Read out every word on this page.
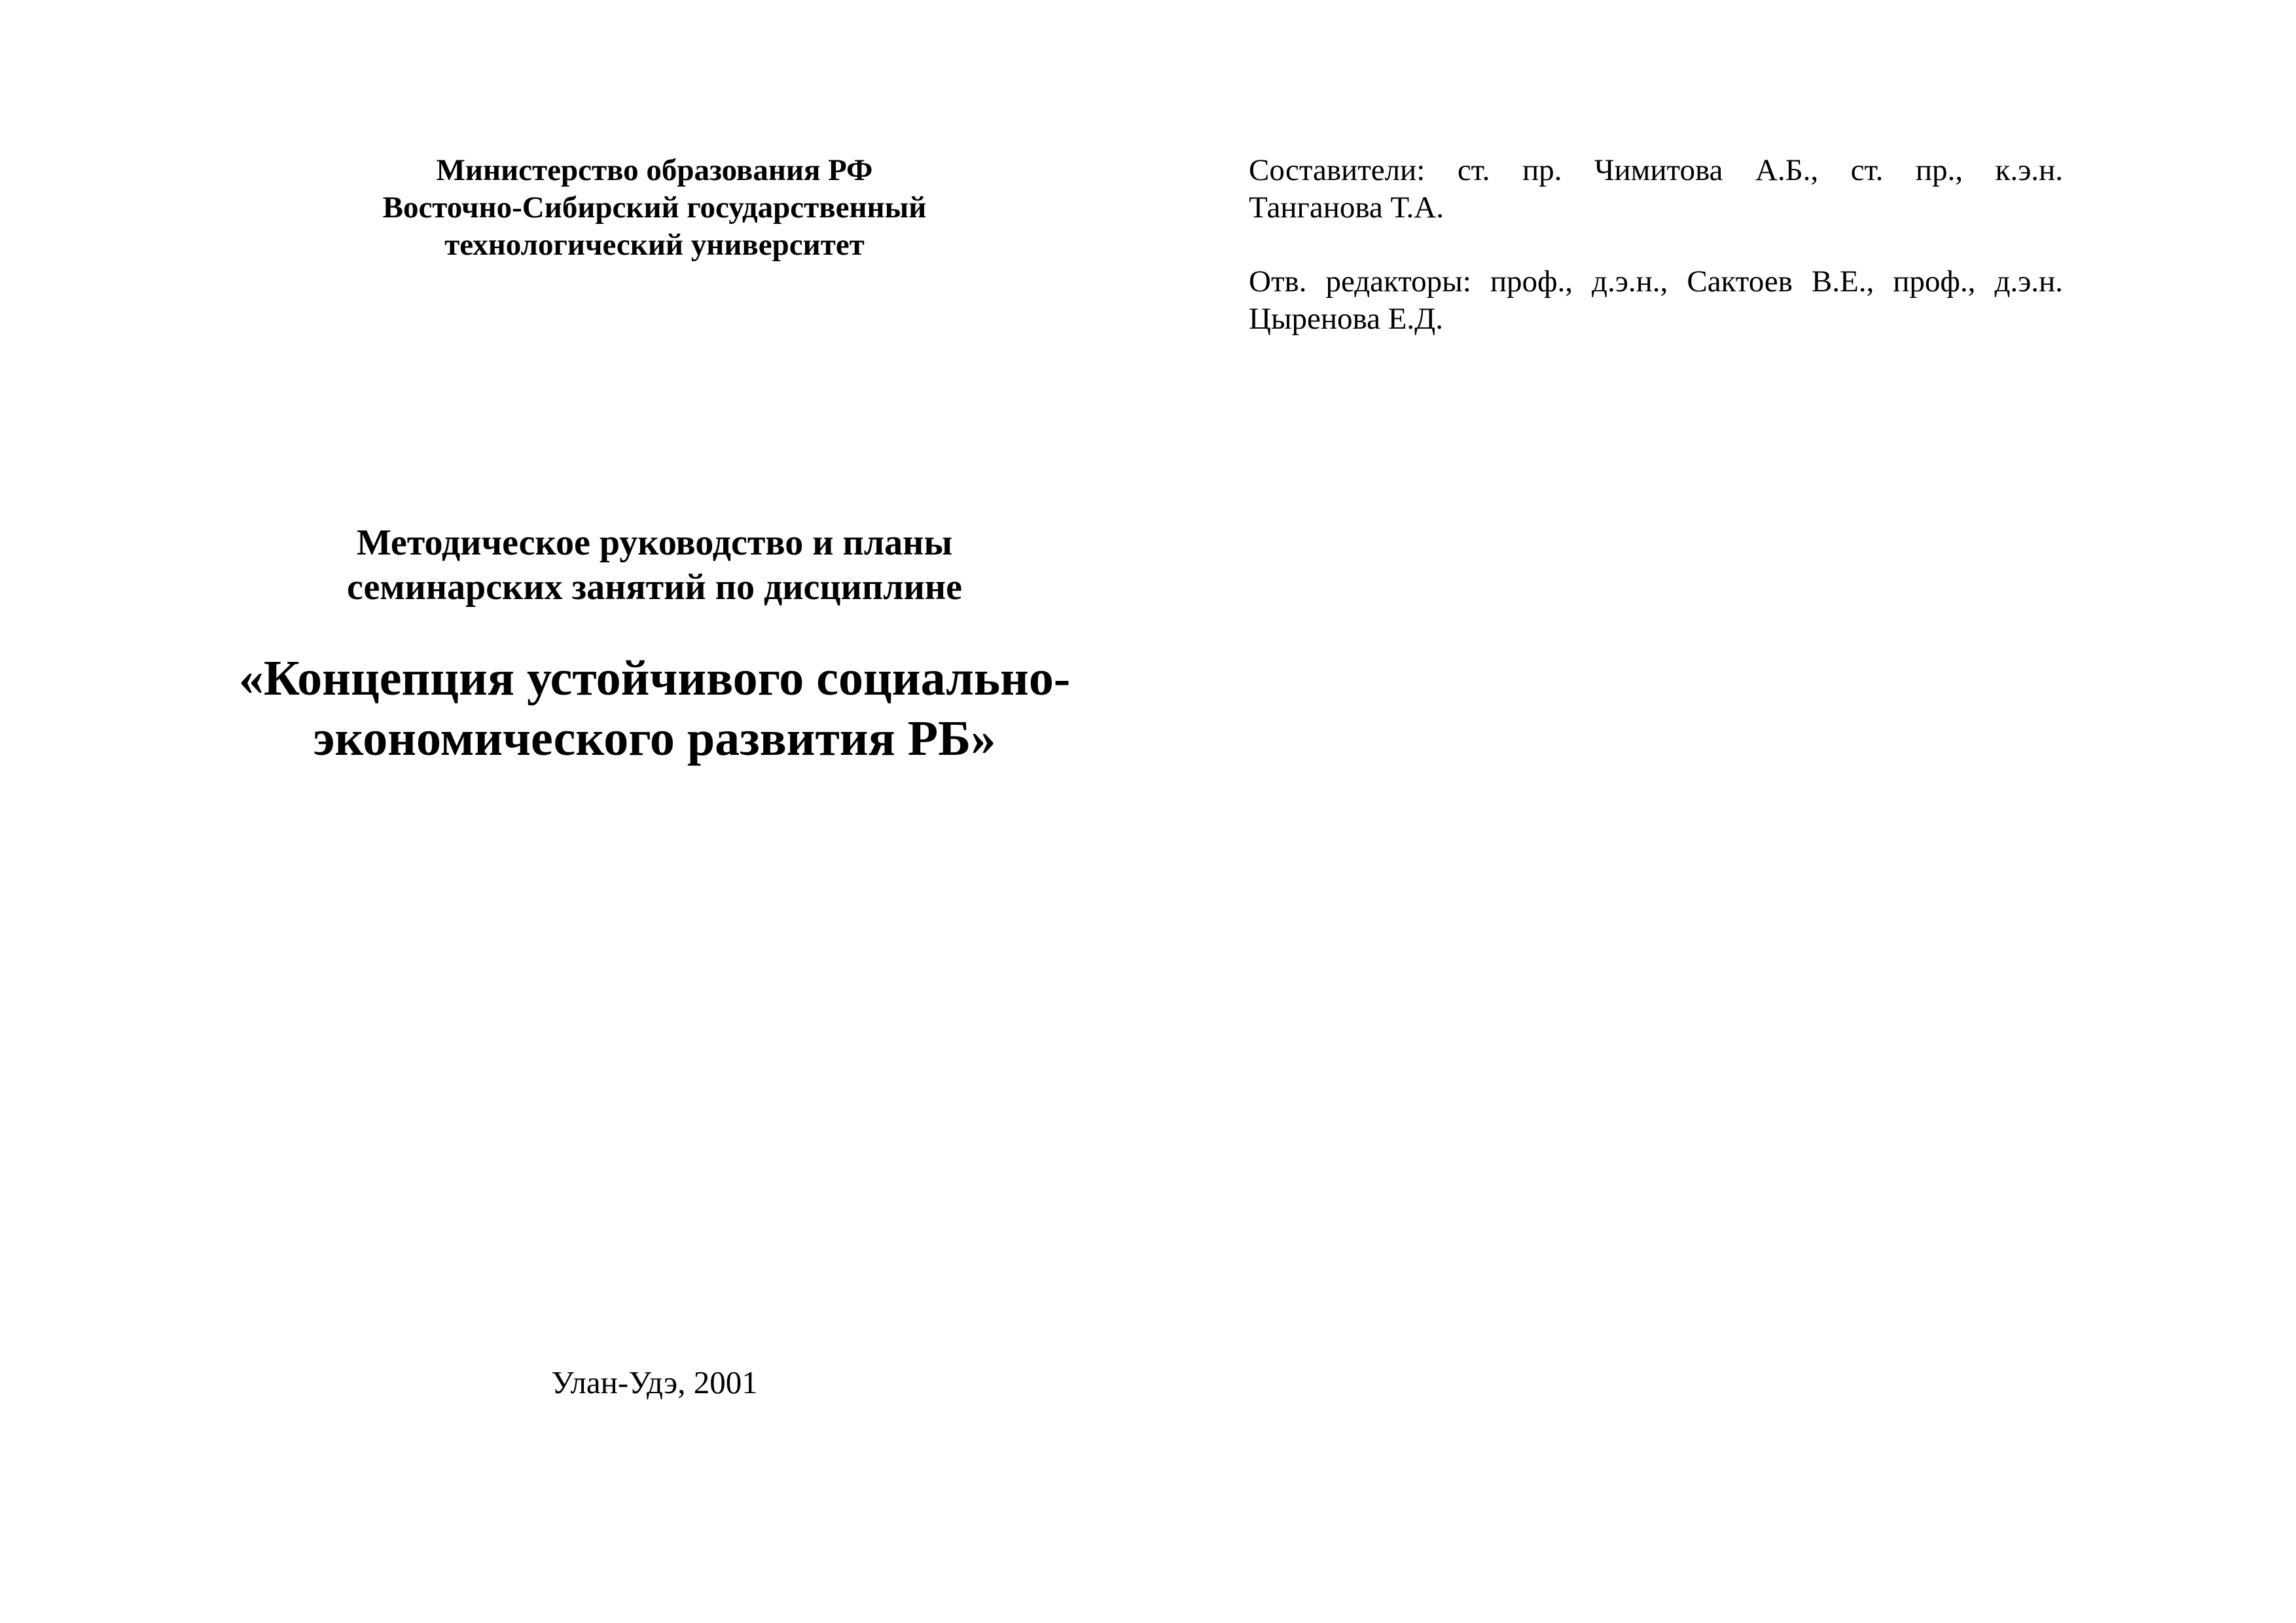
Министерство образования РФ
Восточно-Сибирский государственный
технологический университет
Методическое руководство и планы
семинарских занятий по дисциплине
«Концепция устойчивого социально-
экономического развития РБ»
Улан-Удэ, 2001
Составители: ст. пр. Чимитова А.Б., ст. пр., к.э.н.
Танганова Т.А.
Отв. редакторы: проф., д.э.н., Сактоев В.Е., проф., д.э.н.
Цыренова Е.Д.
